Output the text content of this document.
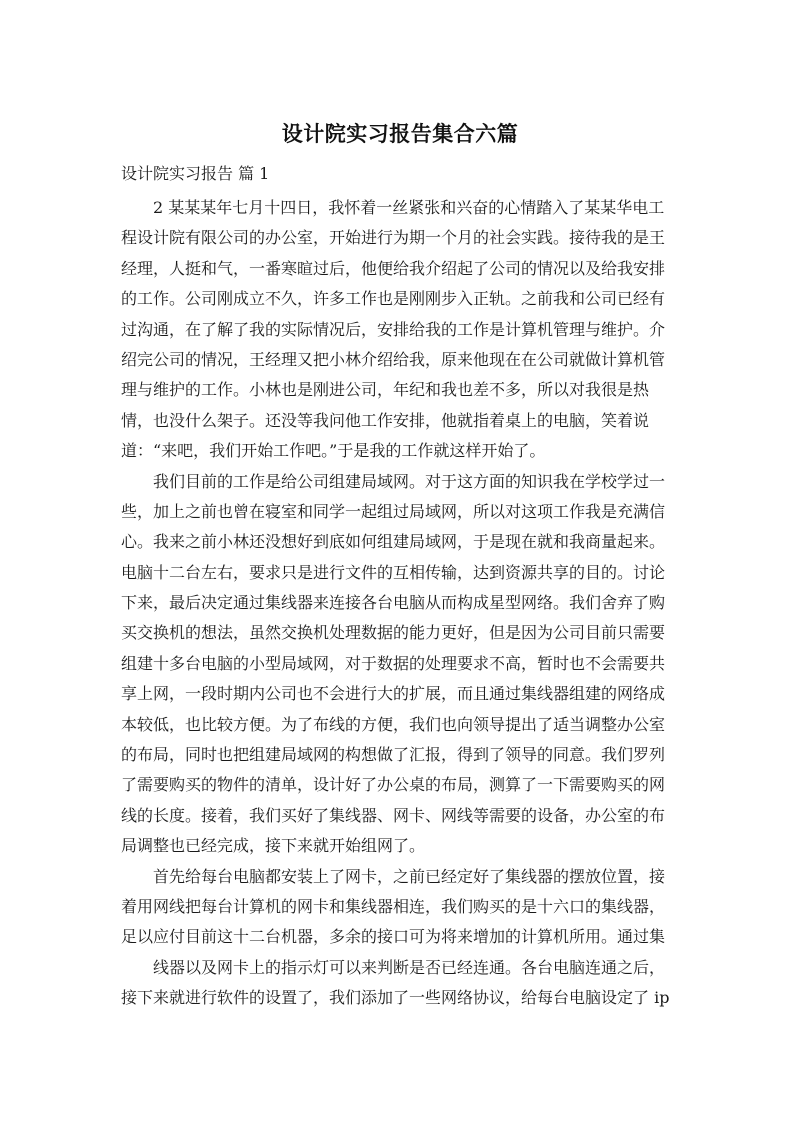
设计院实习报告集合六篇

设计院实习报告 篇 1

2 某某某年七月十四日，我怀着一丝紧张和兴奋的心情踏入了某某华电工
程设计院有限公司的办公室，开始进行为期一个月的社会实践。接待我的是王
经理，人挺和气，一番寒暄过后，他便给我介绍起了公司的情况以及给我安排
的工作。公司刚成立不久，许多工作也是刚刚步入正轨。之前我和公司已经有
过沟通，在了解了我的实际情况后，安排给我的工作是计算机管理与维护。介
绍完公司的情况，王经理又把小林介绍给我，原来他现在在公司就做计算机管
理与维护的工作。小林也是刚进公司，年纪和我也差不多，所以对我很是热
情，也没什么架子。还没等我问他工作安排，他就指着桌上的电脑，笑着说
道：“来吧，我们开始工作吧。”于是我的工作就这样开始了。
我们目前的工作是给公司组建局域网。对于这方面的知识我在学校学过一
些，加上之前也曾在寝室和同学一起组过局域网，所以对这项工作我是充满信
心。我来之前小林还没想好到底如何组建局域网，于是现在就和我商量起来。
电脑十二台左右，要求只是进行文件的互相传输，达到资源共享的目的。讨论
下来，最后决定通过集线器来连接各台电脑从而构成星型网络。我们舍弃了购
买交换机的想法，虽然交换机处理数据的能力更好，但是因为公司目前只需要
组建十多台电脑的小型局域网，对于数据的处理要求不高，暂时也不会需要共
享上网，一段时期内公司也不会进行大的扩展，而且通过集线器组建的网络成
本较低，也比较方便。为了布线的方便，我们也向领导提出了适当调整办公室
的布局，同时也把组建局域网的构想做了汇报，得到了领导的同意。我们罗列
了需要购买的物件的清单，设计好了办公桌的布局，测算了一下需要购买的网
线的长度。接着，我们买好了集线器、网卡、网线等需要的设备，办公室的布
局调整也已经完成，接下来就开始组网了。
首先给每台电脑都安装上了网卡，之前已经定好了集线器的摆放位置，接
着用网线把每台计算机的网卡和集线器相连，我们购买的是十六口的集线器，
足以应付目前这十二台机器，多余的接口可为将来增加的计算机所用。通过集
线器以及网卡上的指示灯可以来判断是否已经连通。各台电脑连通之后，
接下来就进行软件的设置了，我们添加了一些网络协议，给每台电脑设定了 ip
